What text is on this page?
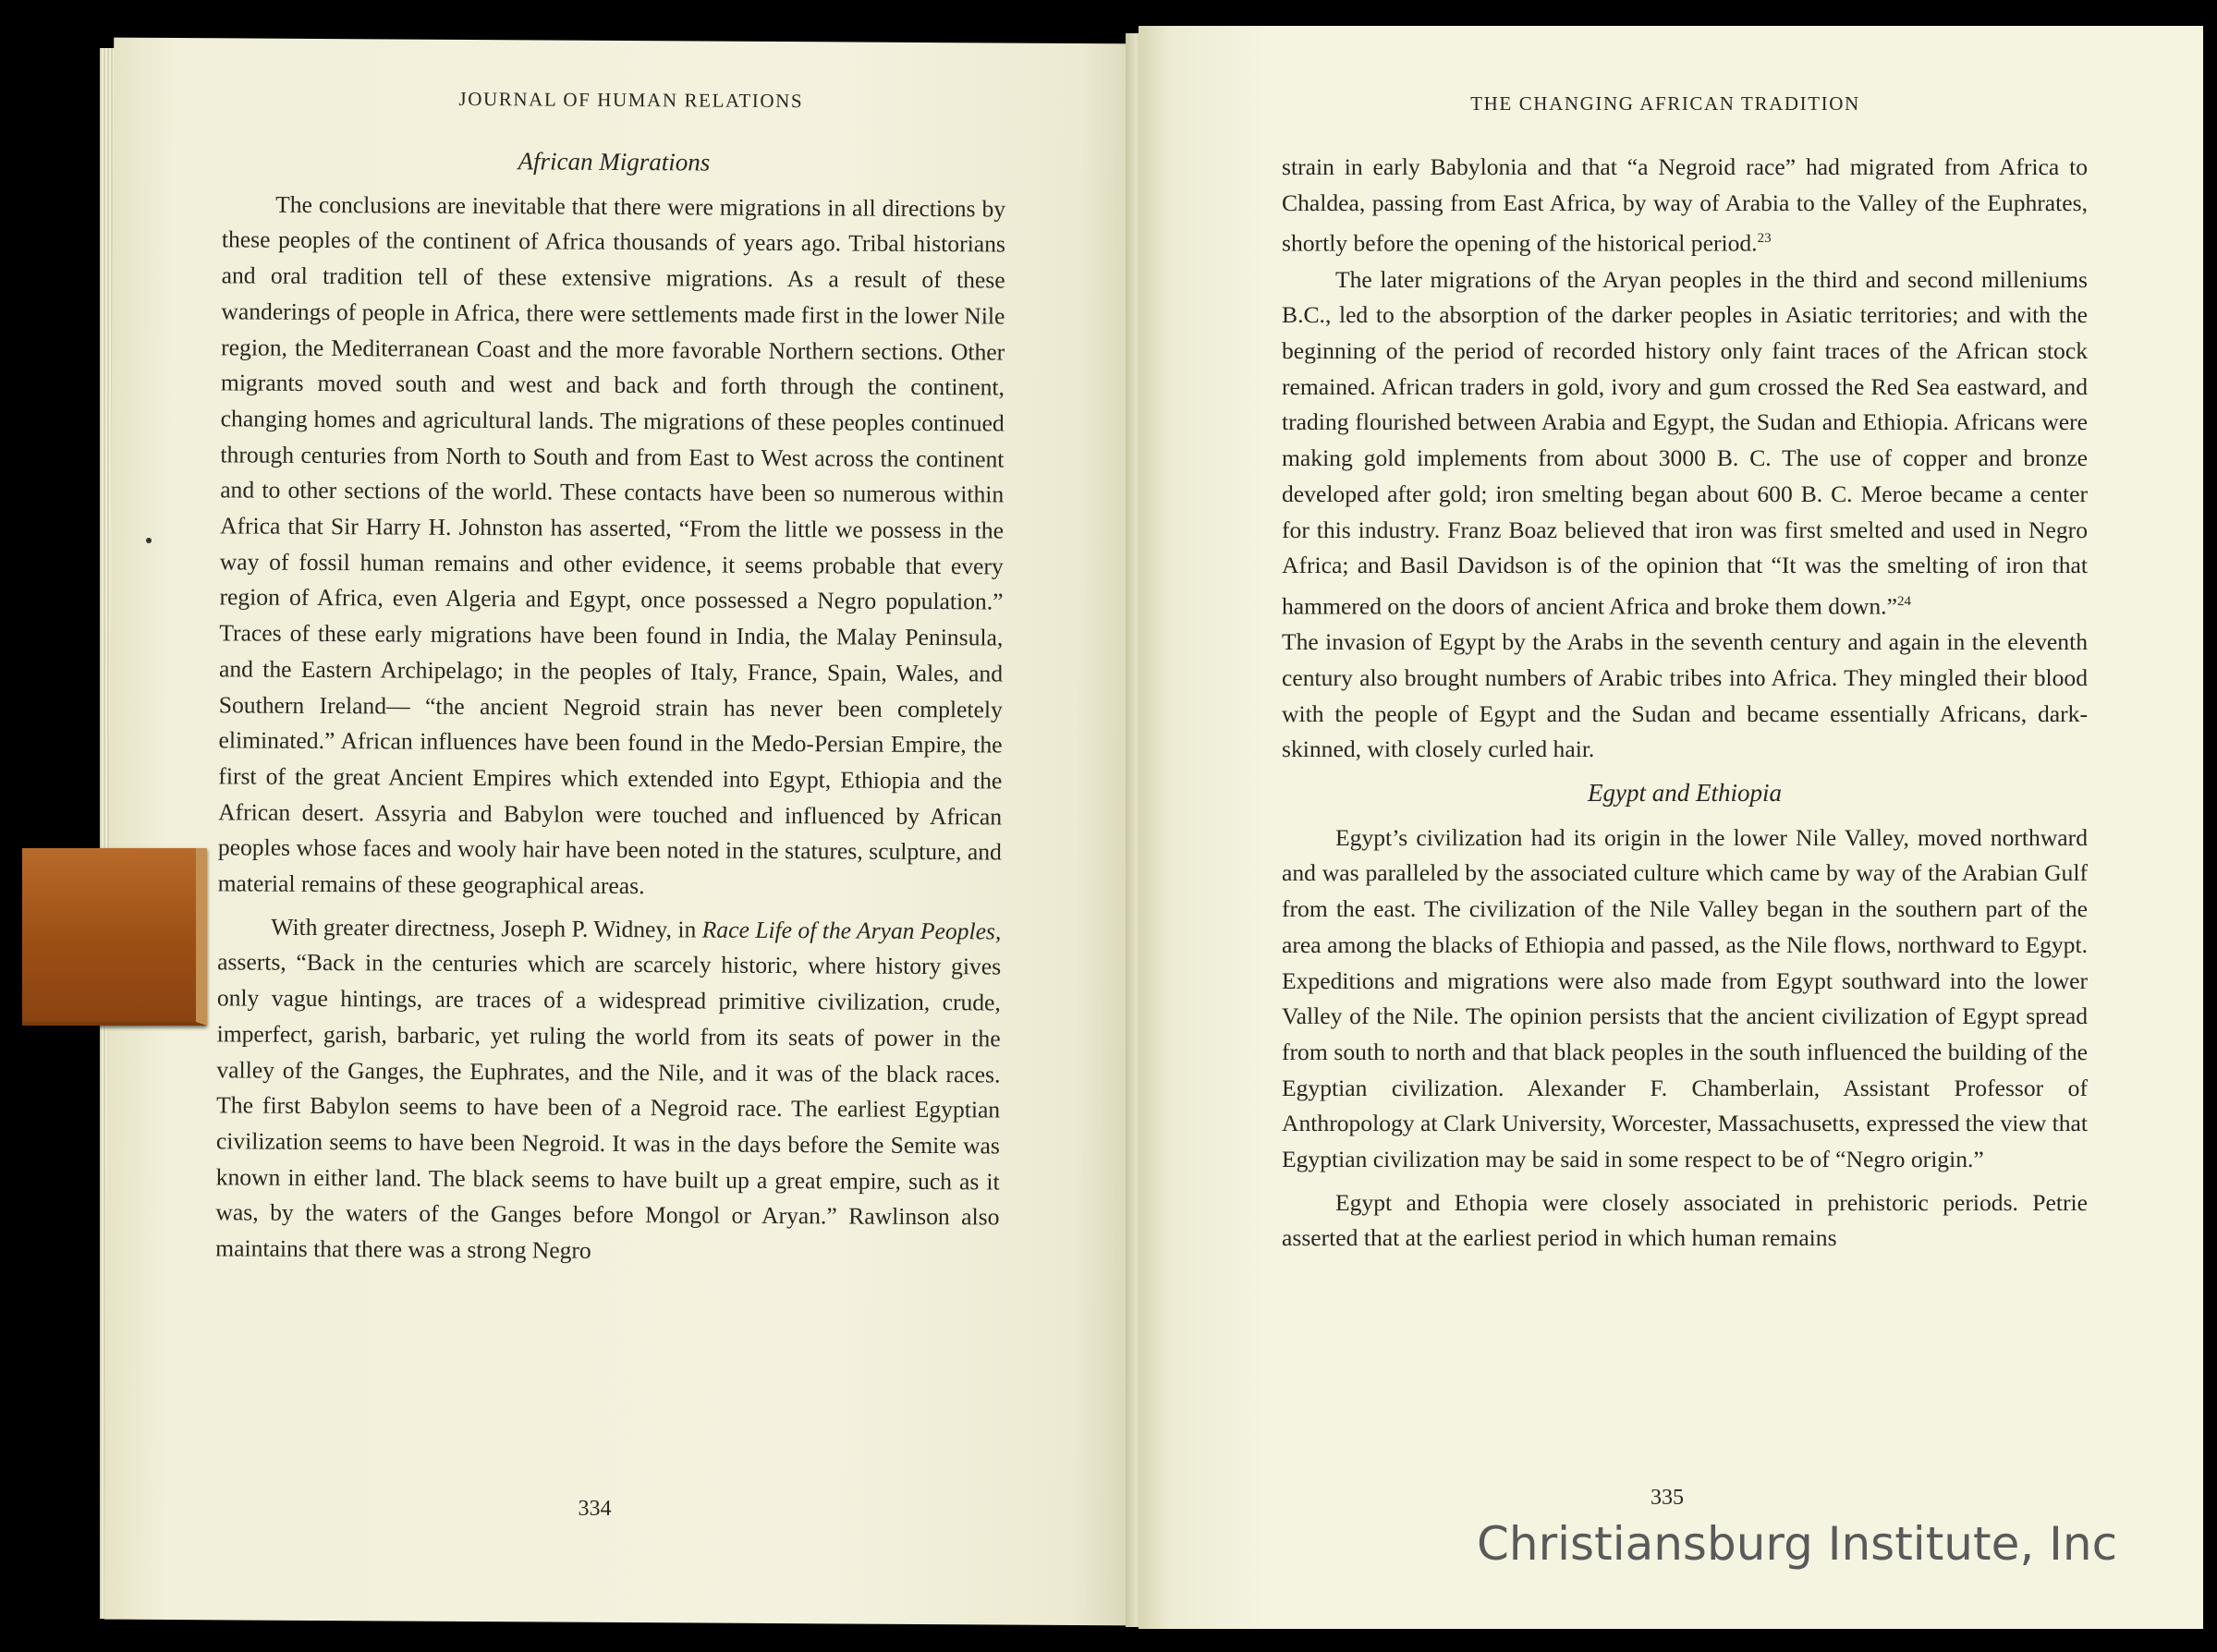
JOURNAL OF HUMAN RELATIONS
African Migrations

The conclusions are inevitable that there were migrations in all directions by these peoples of the continent of Africa thousands of years ago. Tribal historians and oral tradition tell of these extensive migrations. As a result of these wanderings of people in Africa, there were settlements made first in the lower Nile region, the Mediterranean Coast and the more favorable Northern sections. Other migrants moved south and west and back and forth through the continent, changing homes and agricultural lands. The migrations of these peoples continued through centuries from North to South and from East to West across the continent and to other sections of the world. These contacts have been so numerous within Africa that Sir Harry H. Johnston has asserted, “From the little we possess in the way of fossil human remains and other evidence, it seems probable that every region of Africa, even Algeria and Egypt, once possessed a Negro population.” Traces of these early migrations have been found in India, the Malay Peninsula, and the Eastern Archipelago; in the peoples of Italy, France, Spain, Wales, and Southern Ireland— “the ancient Negroid strain has never been completely eliminated.” African influences have been found in the Medo-Persian Empire, the first of the great Ancient Empires which extended into Egypt, Ethiopia and the African desert. Assyria and Babylon were touched and influenced by African peoples whose faces and wooly hair have been noted in the statures, sculpture, and material remains of these geographical areas.

With greater directness, Joseph P. Widney, in Race Life of the Aryan Peoples, asserts, “Back in the centuries which are scarcely historic, where history gives only vague hintings, are traces of a widespread primitive civilization, crude, imperfect, garish, barbaric, yet ruling the world from its seats of power in the valley of the Ganges, the Euphrates, and the Nile, and it was of the black races. The first Babylon seems to have been of a Negroid race. The earliest Egyptian civilization seems to have been Negroid. It was in the days before the Semite was known in either land. The black seems to have built up a great empire, such as it was, by the waters of the Ganges before Mongol or Aryan.” Rawlinson also maintains that there was a strong Negro

334
THE CHANGING AFRICAN TRADITION

strain in early Babylonia and that “a Negroid race” had migrated from Africa to Chaldea, passing from East Africa, by way of Arabia to the Valley of the Euphrates, shortly before the opening of the historical period.$^{23}$

The later migrations of the Aryan peoples in the third and second milleniums B.C., led to the absorption of the darker peoples in Asiatic territories; and with the beginning of the period of recorded history only faint traces of the African stock remained. African traders in gold, ivory and gum crossed the Red Sea eastward, and trading flourished between Arabia and Egypt, the Sudan and Ethiopia. Africans were making gold implements from about 3000 B. C. The use of copper and bronze developed after gold; iron smelting began about 600 B. C. Meroe became a center for this industry. Franz Boaz believed that iron was first smelted and used in Negro Africa; and Basil Davidson is of the opinion that “It was the smelting of iron that hammered on the doors of ancient Africa and broke them down.”$^{24}$

The invasion of Egypt by the Arabs in the seventh century and again in the eleventh century also brought numbers of Arabic tribes into Africa. They mingled their blood with the people of Egypt and the Sudan and became essentially Africans, dark-skinned, with closely curled hair.

Egypt and Ethiopia

Egypt’s civilization had its origin in the lower Nile Valley, moved northward and was paralleled by the associated culture which came by way of the Arabian Gulf from the east. The civilization of the Nile Valley began in the southern part of the area among the blacks of Ethiopia and passed, as the Nile flows, northward to Egypt. Expeditions and migrations were also made from Egypt southward into the lower Valley of the Nile. The opinion persists that the ancient civilization of Egypt spread from south to north and that black peoples in the south influenced the building of the Egyptian civilization. Alexander F. Chamberlain, Assistant Professor of Anthropology at Clark University, Worcester, Massachusetts, expressed the view that Egyptian civilization may be said in some respect to be of “Negro origin.”

Egypt and Ethopia were closely associated in prehistoric periods. Petrie asserted that at the earliest period in which human remains

335
Christiansburg Institute, Inc
